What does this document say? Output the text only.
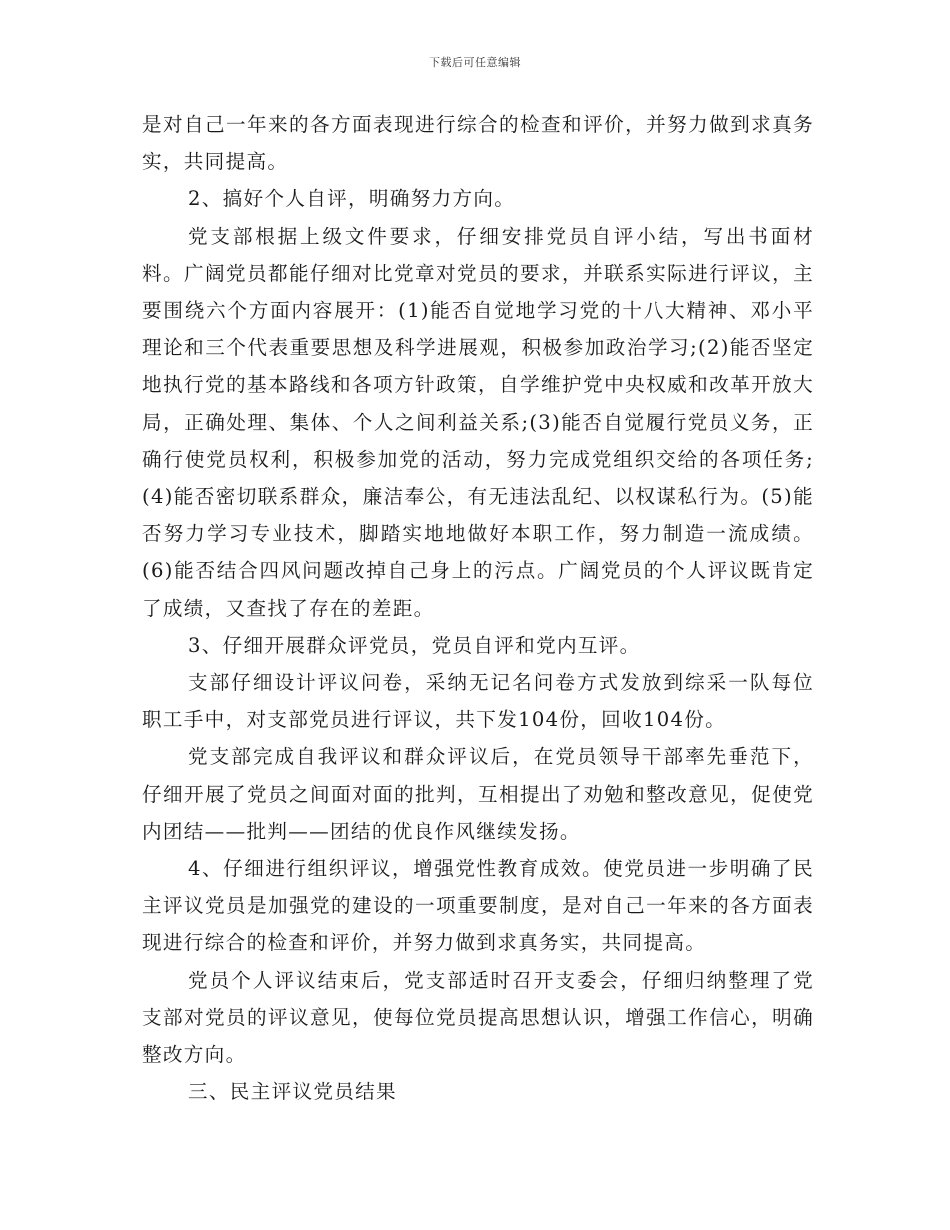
下载后可任意编辑

是对自己一年来的各方面表现进行综合的检查和评价，并努力做到求真务实，共同提高。

2、搞好个人自评，明确努力方向。

党支部根据上级文件要求，仔细安排党员自评小结，写出书面材料。广阔党员都能仔细对比党章对党员的要求，并联系实际进行评议，主要围绕六个方面内容展开：(1)能否自觉地学习党的十八大精神、邓小平理论和三个代表重要思想及科学进展观，积极参加政治学习;(2)能否坚定地执行党的基本路线和各项方针政策，自学维护党中央权威和改革开放大局，正确处理、集体、个人之间利益关系;(3)能否自觉履行党员义务，正确行使党员权利，积极参加党的活动，努力完成党组织交给的各项任务;(4)能否密切联系群众，廉洁奉公，有无违法乱纪、以权谋私行为。(5)能否努力学习专业技术，脚踏实地地做好本职工作，努力制造一流成绩。(6)能否结合四风问题改掉自己身上的污点。广阔党员的个人评议既肯定了成绩，又查找了存在的差距。

3、仔细开展群众评党员，党员自评和党内互评。

支部仔细设计评议问卷，采纳无记名问卷方式发放到综采一队每位职工手中，对支部党员进行评议，共下发104份，回收104份。

党支部完成自我评议和群众评议后，在党员领导干部率先垂范下，仔细开展了党员之间面对面的批判，互相提出了劝勉和整改意见，促使党内团结——批判——团结的优良作风继续发扬。

4、仔细进行组织评议，增强党性教育成效。使党员进一步明确了民主评议党员是加强党的建设的一项重要制度，是对自己一年来的各方面表现进行综合的检查和评价，并努力做到求真务实，共同提高。

党员个人评议结束后，党支部适时召开支委会，仔细归纳整理了党支部对党员的评议意见，使每位党员提高思想认识，增强工作信心，明确整改方向。

三、民主评议党员结果
